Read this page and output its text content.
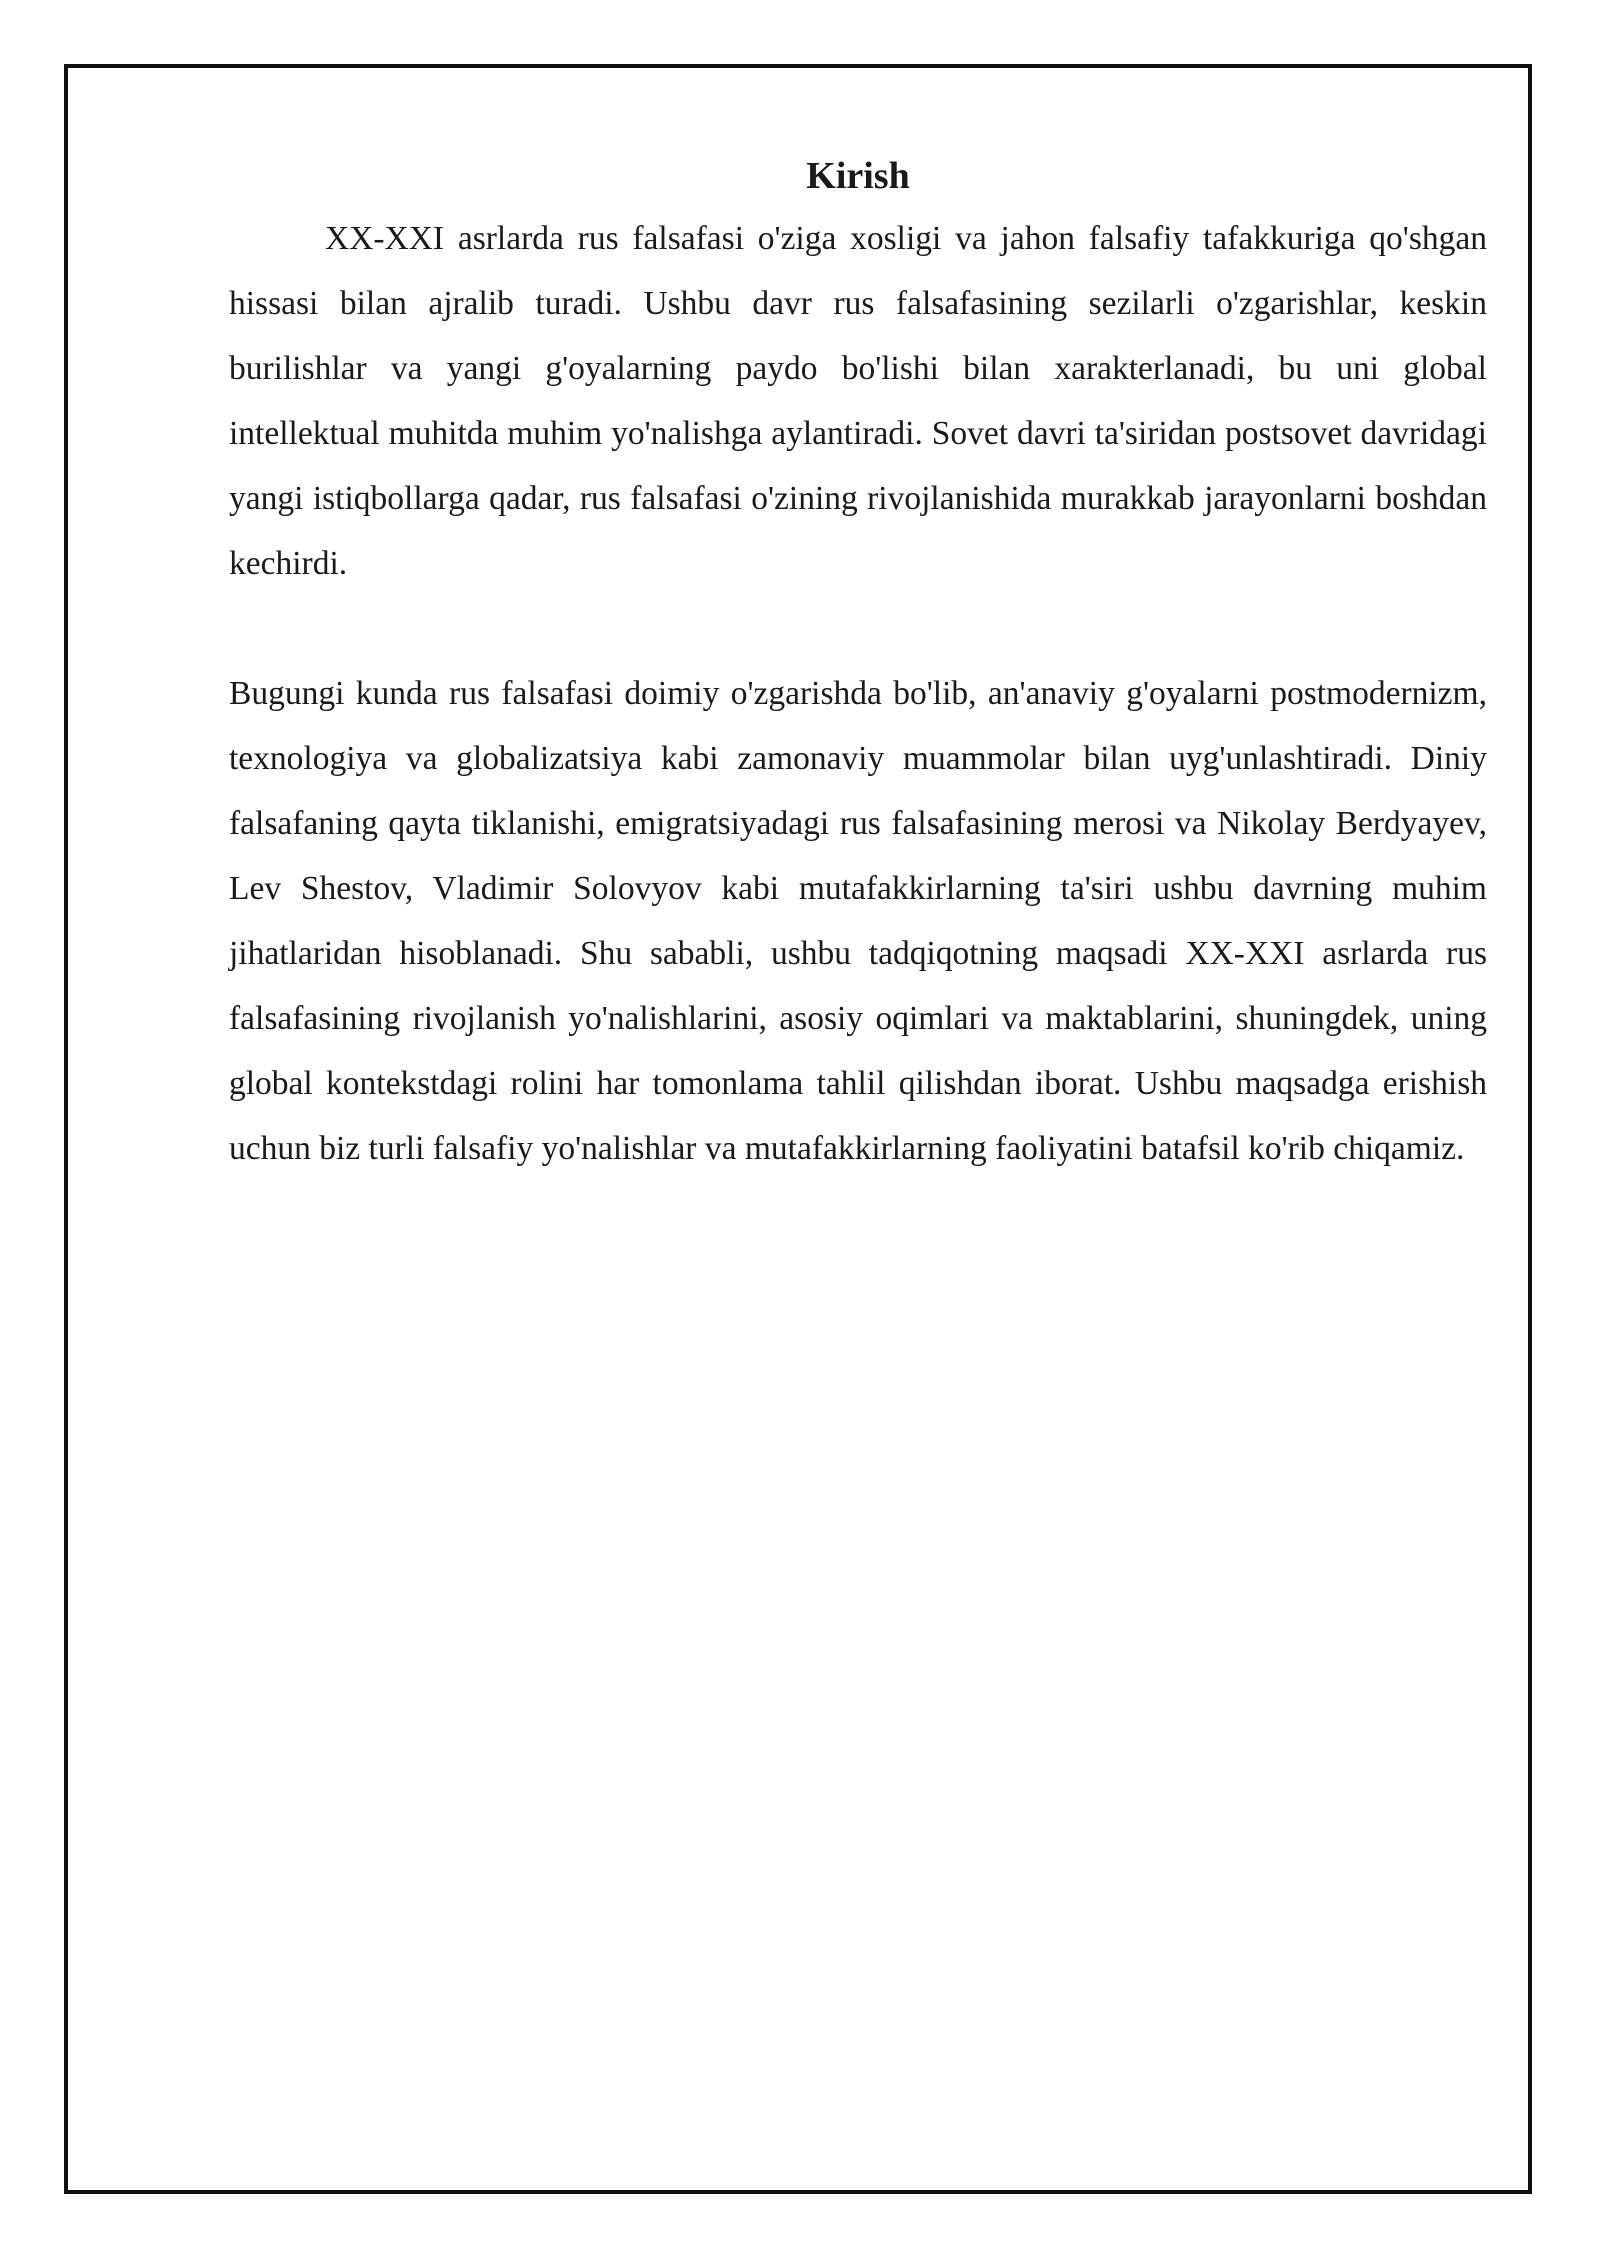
Kirish

XX-XXI asrlarda rus falsafasi o'ziga xosligi va jahon falsafiy tafakkuriga qo'shgan hissasi bilan ajralib turadi. Ushbu davr rus falsafasining sezilarli o'zgarishlar, keskin burilishlar va yangi g'oyalarning paydo bo'lishi bilan xarakterlanadi, bu uni global intellektual muhitda muhim yo'nalishga aylantiradi. Sovet davri ta'siridan postsovet davridagi yangi istiqbollarga qadar, rus falsafasi o'zining rivojlanishida murakkab jarayonlarni boshdan kechirdi.

Bugungi kunda rus falsafasi doimiy o'zgarishda bo'lib, an'anaviy g'oyalarni postmodernizm, texnologiya va globalizatsiya kabi zamonaviy muammolar bilan uyg'unlashtiradi. Diniy falsafaning qayta tiklanishi, emigratsiyadagi rus falsafasining merosi va Nikolay Berdyayev, Lev Shestov, Vladimir Solovyov kabi mutafakkirlarning ta'siri ushbu davrning muhim jihatlaridan hisoblanadi. Shu sababli, ushbu tadqiqotning maqsadi XX-XXI asrlarda rus falsafasining rivojlanish yo'nalishlarini, asosiy oqimlari va maktablarini, shuningdek, uning global kontekstdagi rolini har tomonlama tahlil qilishdan iborat. Ushbu maqsadga erishish uchun biz turli falsafiy yo'nalishlar va mutafakkirlarning faoliyatini batafsil ko'rib chiqamiz.
